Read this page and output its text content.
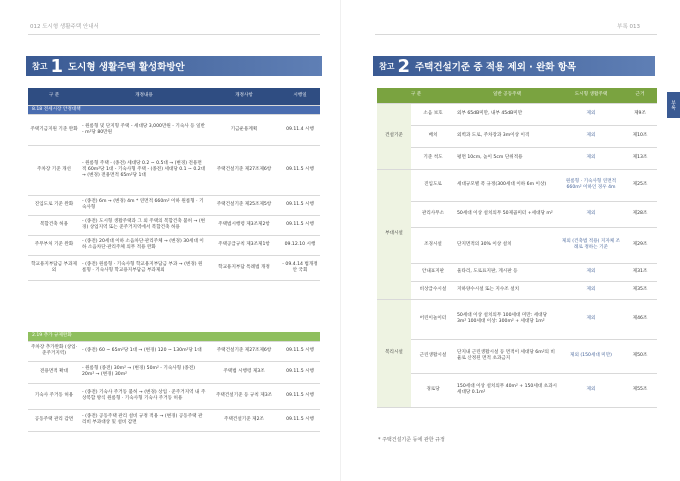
012 도시형 생활주택 안내서	부록 013
부록
참고 1 도시형 생활주택 활성화방안
구 분	개정내용	개정사항	시행일
8.18 전세시장 안정대책			
주택기금지원 기준 완화	- 원룸형 및 단지형 주택 - 세대당 3,000만원 - 기숙사 등 일반 - m²당 80만원	기금운용계획	09.11.4 시행
주차장 기준 개선	- 원룸형 주택 - (종전) 세대당 0.2 ~ 0.5대 → (변경) 전용면적 60m²당 1대 - 기숙사형 주택 - (종전) 세대당 0.1 ~ 0.2대 → (변경) 전용면적 65m²당 1대	주택건설기준 제27조제6항	09.11.5 시행
진입도로 기준 완화	- (종전) 6m → (변경) 4m * 연면적 660m² 이하 원룸형 · 기숙사형	주택건설기준 제25조제5항	09.11.5 시행
복합건축 허용	- (종전) 도시형 생활주택과 그 외 주택의 복합건축 불허 → (변경) 상업지역 또는 준주거지역에서 복합건축 허용	주택법시행령 제3조제2항	09.11.5 시행
주무부처 기준 완화	- (종전) 20세대 이하 소음차단·관리주체 → (변경) 30세대 이하 소음차단·관리주체 의무 적용 완화	주택공급규칙 제3조제1항	09.12.10 시행
학교용지부담금 부과제외	- (종전) 원룸형 · 기숙사형 학교용지부담금 부과 → (변경) 원룸형 · 기숙사형 학교용지부담금 부과제외	학교용지부담 특례법 개정	- 09.4.14 법개정안 국회
2.19 추가 규제완화			
주차장 추가완화 (상업·준주거지역)	- (종전) 60 ~ 65m²당 1대 → (변경) 120 ~ 130m²당 1대	주택건설기준 제27조제6항	09.11.5 시행
전용면적 확대	- 원룸형 (종전) 30m² → (변경) 50m² - 기숙사형 (종전) 20m² → (변경) 30m²	주택법 시행령 제3조	09.11.5 시행
기숙사 주거동 허용	- (종전) 기숙사 주거동 불허 → (변경) 상업 · 준주거지역 내 주상복합 방식 원룸형 · 기숙사형 기숙사 주거동 허용	주택건설기준 등 규칙 제3조	09.11.5 시행
공동주택 관리 감면	- (종전) 공동주택 관리 설비 규정 적용 → (변경) 공동주택 관리비 부과대상 및 설비 감면	주택건설기준 제2조	09.11.5 시행
참고 2 주택건설기준 중 적용 제외 · 완화 항목
구 분		일반 공동주택	도시형 생활주택	근거
건설기준	소음 보호	외부 65dB미만, 내부 45dB미만	제외	제9조
	배치	외벽과 도로, 주차장과 3m이상 이격	제외	제10조
	기준 척도	평면 10cm, 높이 5cm 단위적용	제외	제13조
부대시설	진입도로	세대규모별 폭 규정(300세대 이하 6m 이상)	원룸형 · 기숙사형 연면적 660m² 이하인 경우 4m	제25조
	관리사무소	50세대 이상 설치의무 50제곱미터 +세대당 m²	제외	제28조
	조경시설	단지면적의 30% 이상 설치	제외 (건축법 적용) 지자체 조례로 정하는 기준	제29조
	안내표지판	울타리, 도로표지판, 게시판 등	제외	제31조
	비상급수시설	지하양수시설 또는 지수조 설치	제외	제35조
복리시설	어린이놀이터	50세대 이상 설치의무 100세대 미만: 세대당 3m² 100세대 이상: 300m² + 세대당 1m²	제외	제46조
	근린생활시설	단지내 근린생활시설 등 면적이 세대당 6m²의 비율로 산정된 면적 초과금지	제외 (150세대 미만)	제50조
	경로당	150세대 이상 설치의무 40m² + 150세대 초과시 세대당 0.1m²	제외	제55조
* 주택건설기준 등에 관한 규정
